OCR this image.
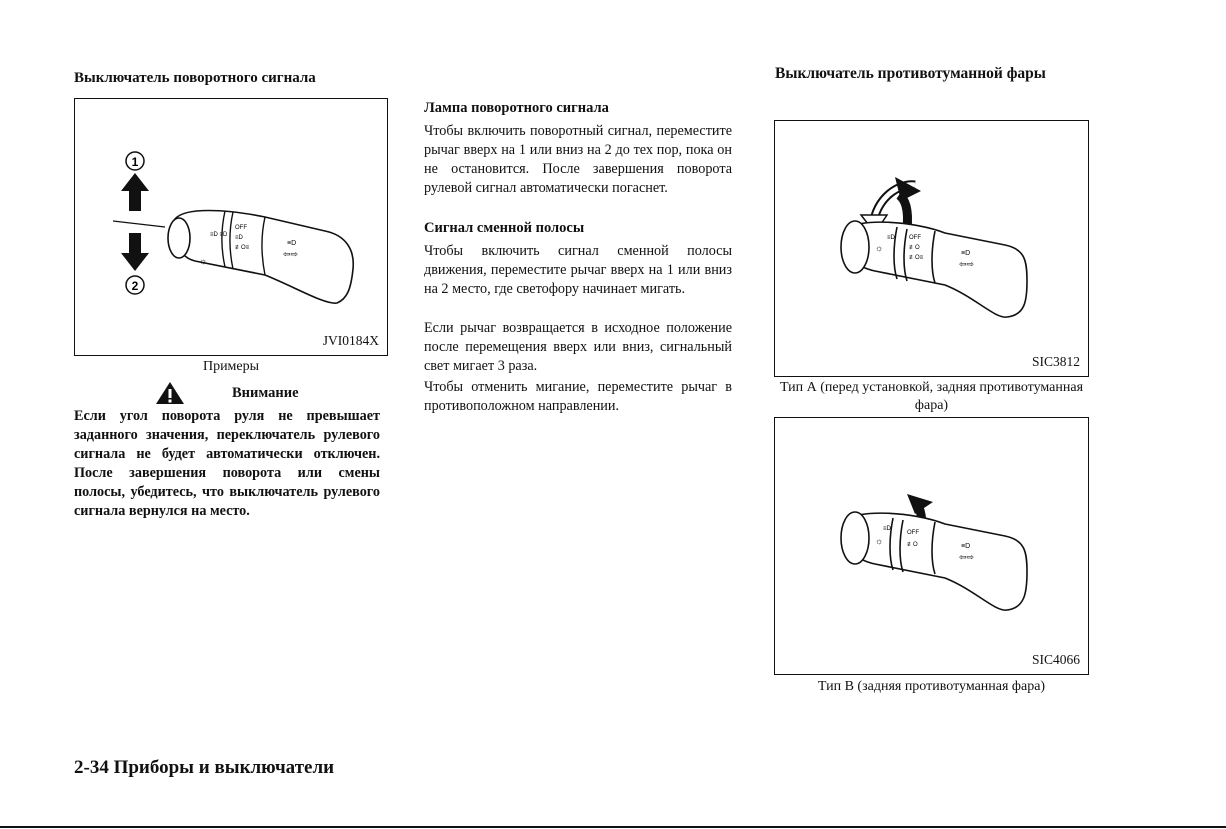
Выключатель поворотного сигнала
1
2
≡D ≡D
OFF
≡D
≢O≡
≡D
⇦⇨
☼
JVI0184X
Примеры
Внимание
Если угол поворота руля не превышает заданного значения, переключатель рулевого сигнала не будет автоматически отключен. После завершения поворота или смены полосы, убедитесь, что выключатель рулевого сигнала вернулся на место.
Лампа поворотного сигнала
Чтобы включить поворотный сигнал, переместите рычаг вверх на 1 или вниз на 2 до тех пор, пока он не остановится. После завершения поворота рулевой сигнал автоматически погаснет.
Сигнал сменной полосы
Чтобы включить сигнал сменной полосы движения, переместите рычаг вверх на 1 или вниз на 2 место, где светофору начинает мигать.
Если рычаг возвращается в исходное положение после перемещения вверх или вниз, сигнальный свет мигает 3 раза.
Чтобы отменить мигание, переместите рычаг в противоположном направлении.
Выключатель противотуманной фары
≡D OFF
≢O
≢O≡
≡D
⇦⇨
☼
SIC3812
Тип А (перед установкой, задняя противотуманная фара)
≡D
OFF
≢O	≡D
⇦⇨
☼
SIC4066
Тип В (задняя противотуманная фара)
2-34 Приборы и выключатели
